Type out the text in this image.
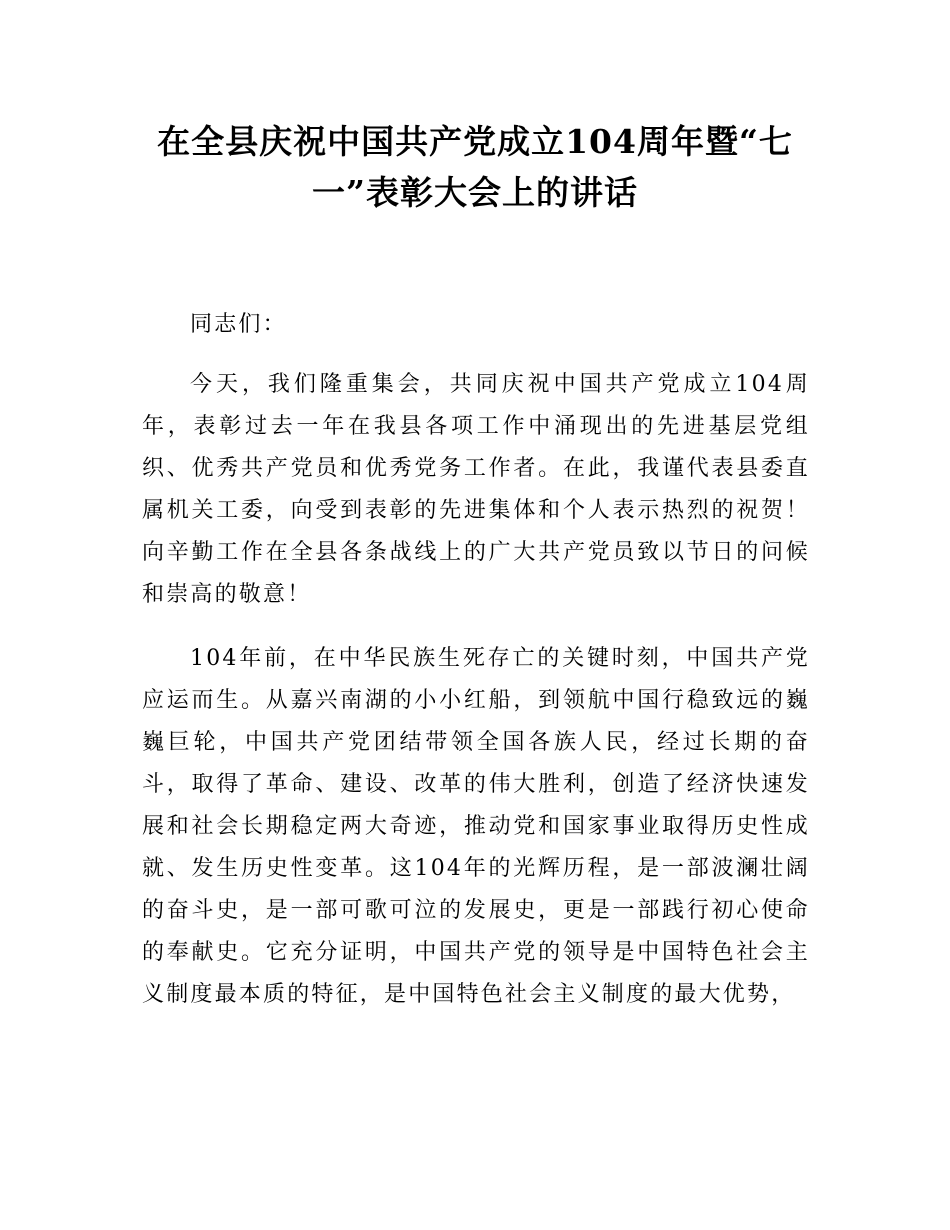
在全县庆祝中国共产党成立104周年暨“七一”表彰大会上的讲话

同志们：

今天，我们隆重集会，共同庆祝中国共产党成立104周年，表彰过去一年在我县各项工作中涌现出的先进基层党组织、优秀共产党员和优秀党务工作者。在此，我谨代表县委直属机关工委，向受到表彰的先进集体和个人表示热烈的祝贺！向辛勤工作在全县各条战线上的广大共产党员致以节日的问候和崇高的敬意！

104年前，在中华民族生死存亡的关键时刻，中国共产党应运而生。从嘉兴南湖的小小红船，到领航中国行稳致远的巍巍巨轮，中国共产党团结带领全国各族人民，经过长期的奋斗，取得了革命、建设、改革的伟大胜利，创造了经济快速发展和社会长期稳定两大奇迹，推动党和国家事业取得历史性成就、发生历史性变革。这104年的光辉历程，是一部波澜壮阔的奋斗史，是一部可歌可泣的发展史，更是一部践行初心使命的奉献史。它充分证明，中国共产党的领导是中国特色社会主义制度最本质的特征，是中国特色社会主义制度的最大优势，
